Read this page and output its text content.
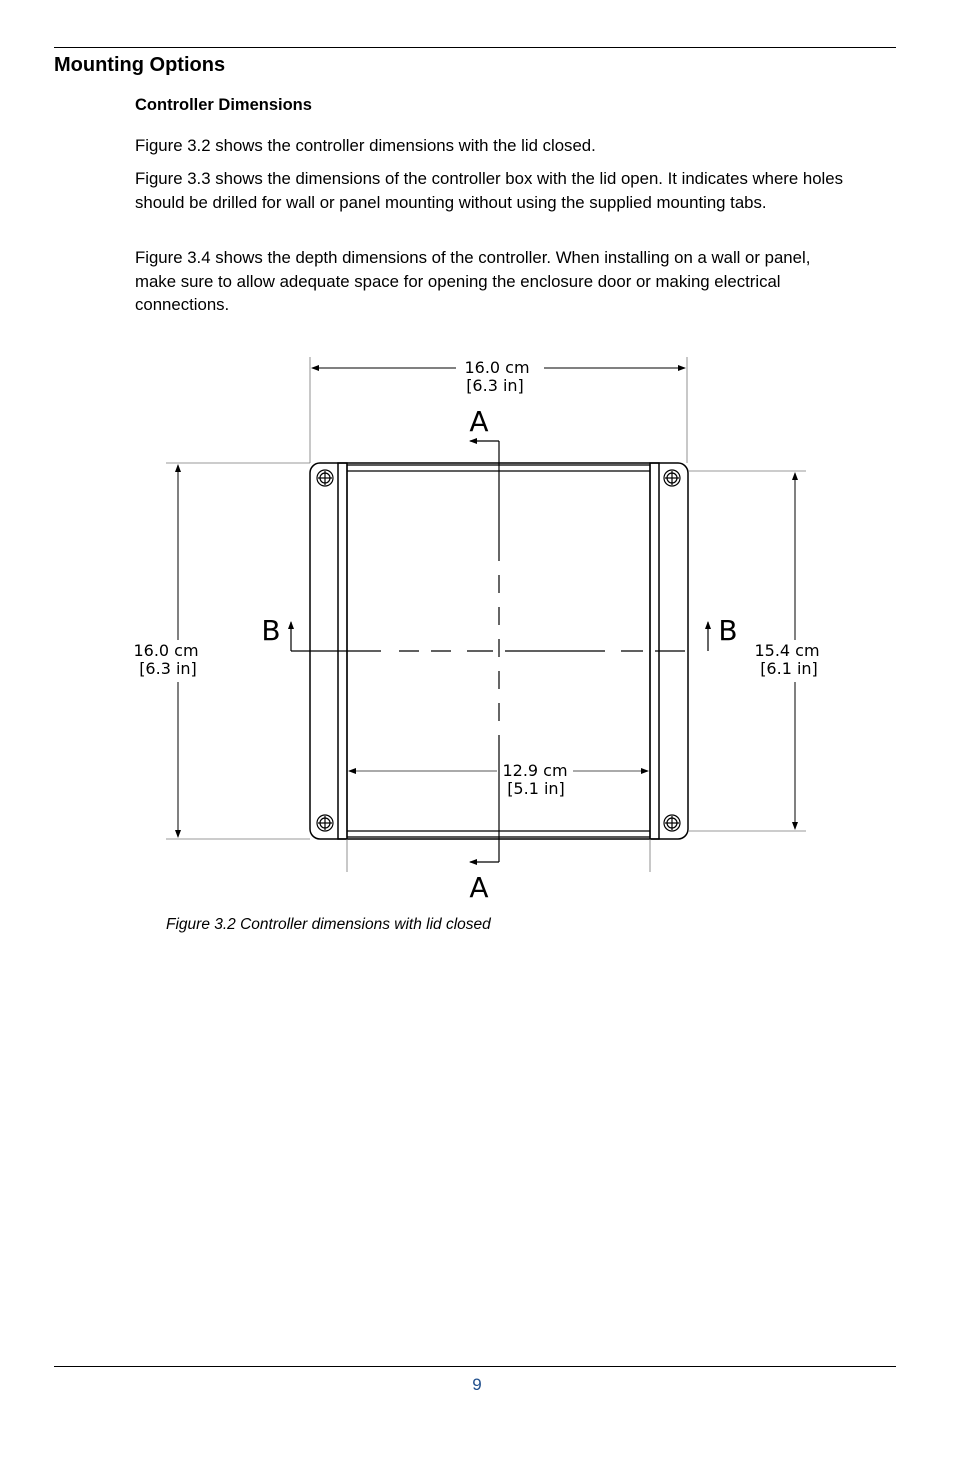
Mounting Options
Controller Dimensions

Figure 3.2 shows the controller dimensions with the lid closed.

Figure 3.3 shows the dimensions of the controller box with the lid open. It indicates where holes should be drilled for wall or panel mounting without using the supplied mounting tabs.

Figure 3.4 shows the depth dimensions of the controller. When installing on a wall or panel, make sure to allow adequate space for opening the enclosure door or making electrical connections.

16.0 cm
[6.3 in]
16.0 cm
[6.3 in]
15.4 cm
[6.1 in]
12.9 cm
[5.1 in]
A
A
B	B

Figure 3.2 Controller dimensions with lid closed

9
